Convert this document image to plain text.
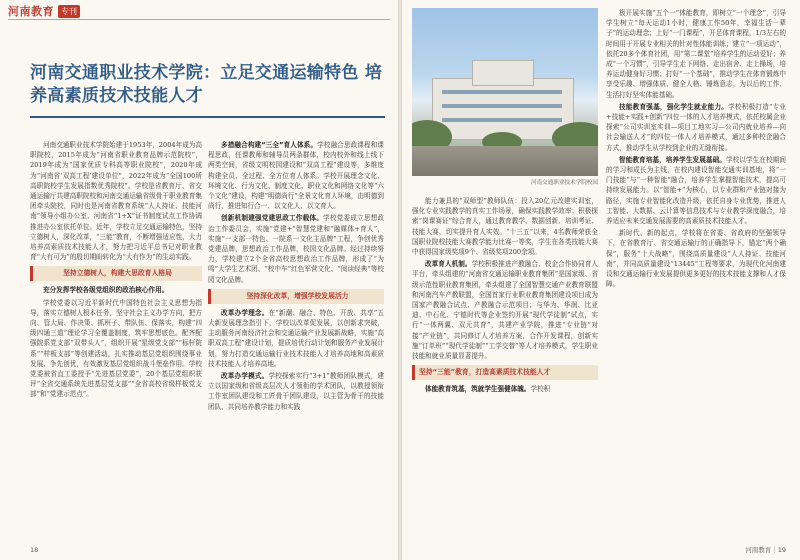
河南教育 专刊
河南交通职业技术学院：立足交通运输特色 培养高素质技术技能人才

河南交通职业技术学院始建于1953年，2004年成为高职院校，2015年成为“河南省职业教育品牌示范院校”，2019年成为“国家优质专科高等职业院校”，2020年成为“河南省‘双高工程’建设单位”，2022年成为“全国100所高职院校学生发展指数优秀院校”。学校是省教育厅、省交通运输厅共建高职院校和河南交通运输省级骨干职业教育集团牵头院校，同时也是河南省教育系统“人人持证、技能河南”领导小组办公室、河南省“1+X”证书制度试点工作协调推进办公室依托单位。近年，学校立足交通运输特色，坚持立德树人，深化改革，“三能”教育，不断增强适应性，大力培养高素质技术技能人才，努力把习近平总书记对职业教育“大有可为”的殷切期盼转化为“大有作为”的生动实践。

坚持立德树人，构建大思政育人格局

充分发挥学校各级党组织的政治核心作用。

学校党委以习近平新时代中国特色社会主义思想为指导，落实立德树人根本任务，坚守社会主义办学方向，把方向、管大局、作决策、抓班子、带队伍、保落实，构建“四级四通三道”理论学习全覆盖制度，筑牢思想底色。配齐配强院系党支部“双带头人”，组织开展“星级党支部”“标杆院系”“样板支部”等创建活动，扎实推动基层党组织围绕事业发展、争先创优，有效激发基层党组织战斗堡垒作用。学校党委被省直工委授予“先进基层党委”，20个基层党组织获评“全省交通系统先进基层党支部”“全省高校省级样板党支部”和“党建示范点”。

多措融合构建“三全”育人体系。学校融合思政课程和课程思政，任课教师和辅导员两条群体，校内校外和线上线下两类空间，省级文明校园建设和“双高工程”建设等，多维度构建全员、全过程、全方位育人体系。学校开展理念文化、环境文化、行为文化、制度文化、职业文化和网络文化等“六个文化”建设，构建“明德尚行”全景文化育人环境，由明德到尚行，推进知行合一、以文化人、以文育人。

创新机制建强党建思政工作载体。学校党委成立思想政治工作委员会，实施“党建+”智慧党建和“融媒体+育人”，实施“一支部一特色、一院系一文化主品牌”工程，争创优秀党建品牌，思想政治工作品牌，校园文化品牌。经过持续努力，学校建立2个全省高校思想政治工作品牌，形成了“为鸣”大学生艺术团、“校中车”红色军营文化、“阅读经典”等校园文化品牌。

坚持深化改革，增强学校发展活力

改革办学理念。在“新潮、融合、特色、开放、共享”五大新发展理念指引下，学校以改革促发展，以创新求突破，主动服务河南经济社会和交通运输产业发展新战略，实施“高职双高工程”建设计划，提质培优行动计划和服务产业发展计划，努力打造交通运输行业技术技能人才培养高地和高素质技术技能人才培养高地。

改革办学模式。学校探索实行“3+1”教师团队模式，建立以国家级和省级高层次人才领衔的学术团队，以教授领衔工作室团队建设和工匠骨干团队建设，以主管为骨干的技能团队、共同培养教学能力和实践

18
河南交通职业技术学院校园

能力兼具的“双师型”教师队伍：投入20亿元改建实训室，强化专业实践教学的真实工作场景，确保实践教学效率；积极探索“岗课赛证”综合育人，通过教育教学、数据创新、培训考证、技能大赛，切实提升育人实效。“十三五”以来，4名教师荣获全国职业院校技能大赛教学能力比赛一等奖，学生在各类技能大赛中获得国家级奖项9个、省级奖项200余项。

改革育人机制。学校积极推进产教融合、校企合作协同育人平台，牵头组建的“河南省交通运输职业教育集团”是国家级、省级示范性职业教育集团，牵头组建了全国智慧交通产业教育联盟和河南汽车产教联盟，全国首家行业职业教育集团建设项目成为国家产教融合试点、产教融合示范项目；与华为、华润、比亚迪、中石化、宁德时代等企业签约开展“现代学徒制”试点，实行“一体两翼、双元共育”，共建产业学院，推进“专业链”对接“产业链”，共同修订人才培养方案，合作开发课程，创新实施“订单班”“现代学徒制”“工学交替”等人才培养模式，学生职业技能和就业质量显著提升。

坚持“三能”教育，打造高素质技术技能人才

体能教育筑基，筑就学生强健体魄。学校积

极开展实施“五个一”体能教育，即树立“一个理念”，引导学生树立“每天运动1小时，健康工作50年，幸福生活一辈子”的运动理念；上好“一门课程”，开足体育课程，1/3左右的时间用于开展专业相关的针对性体能训练；建立“一项运动”，依托20多个体育社团，用“第二课堂”培养学生的运动爱好；养成“一个习惯”，引导学生走下网络、走出宿舍、走上操场，培养运动健身好习惯；打好“一个基础”，推动学生在体育锻炼中享受乐趣、增强体质、健全人格、锤炼意志，为以后的工作、生活打好坚实体能基础。

技能教育强基，强化学生就业能力。学校积极打造“专业+技能+实践+创新”四位一体的人才培养模式，依托校属企业探索“公司实训室实训—项目工地实习—公司内就业培养—向社会输送人才”的四位一体人才培养模式，通过多种校企融合方式，推动学生从学校到企业的无缝衔接。

智能教育培基，培养学生发展基础。学校以学生在校期间的学习和成长为主线，在校内建设智能交通实训基地，将“一门技能”与“一种智能”融合，培养学生掌握智能技术，提高可持续发展能力。以“智能+”为核心，以专业群和产业链对接为路径，实施专业智能化改造升级，依托自身专业优势，推进人工智能、大数据、云计算等信息技术与专业教学深度融合，培养适应未来交通发展需要的高素质技术技能人才。

新时代、新的起点，学校将在省委、省政府的坚强领导下，在省教育厅、省交通运输厅的正确指导下，锚定“两个确保”，服务“十大战略”，围绕高质量建设“人人持证、技能河南”，并同高质量建设“13445”工程等要求，为现代化河南建设和交通运输行业发展提供更多更好的技术技能支撑和人才保障。

河南教育｜19
